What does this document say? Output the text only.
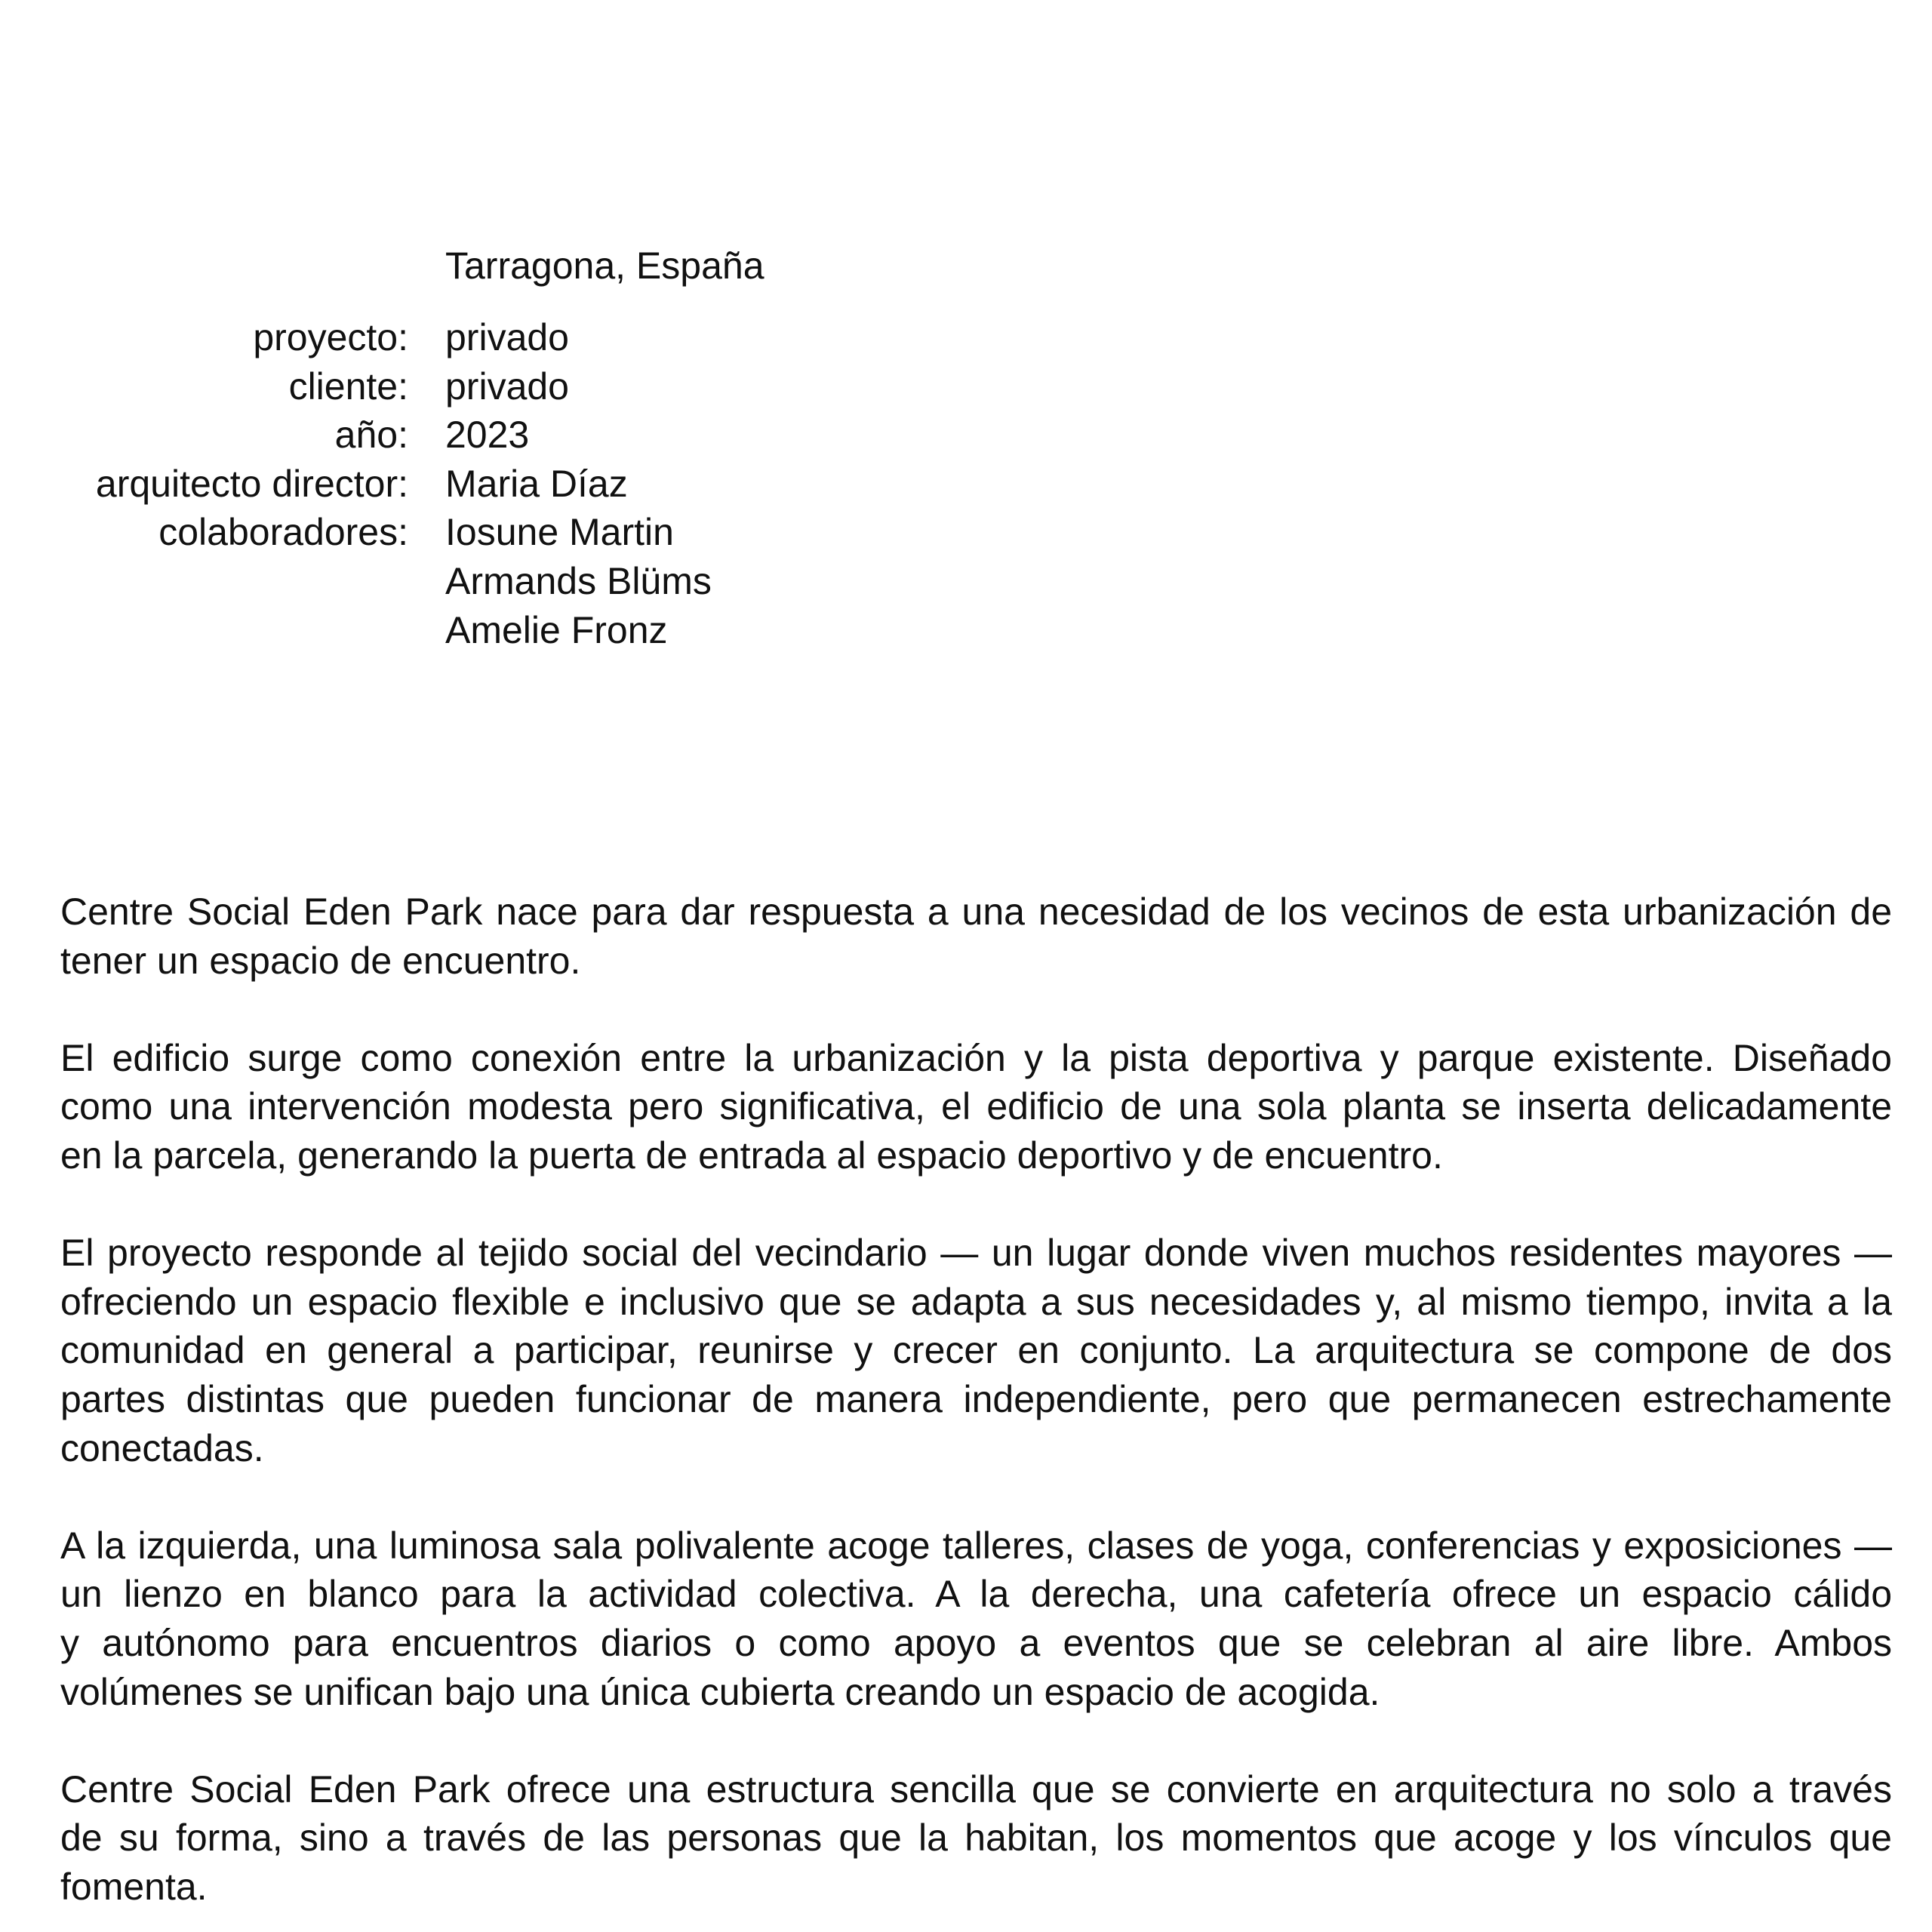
Tarragona, España
proyecto: privado
cliente: privado
año: 2023
arquitecto director: Maria Díaz
colaboradores: Iosune Martin
Armands Blüms
Amelie Fronz
Centre Social Eden Park nace para dar respuesta a una necesidad de los vecinos de esta urbanización de
tener un espacio de encuentro.
El edificio surge como conexión entre la urbanización y la pista deportiva y parque existente. Diseñado
como una intervención modesta pero significativa, el edificio de una sola planta se inserta delicadamente
en la parcela, generando la puerta de entrada al espacio deportivo y de encuentro.
El proyecto responde al tejido social del vecindario — un lugar donde viven muchos residentes mayores —
ofreciendo un espacio flexible e inclusivo que se adapta a sus necesidades y, al mismo tiempo, invita a la
comunidad en general a participar, reunirse y crecer en conjunto. La arquitectura se compone de dos
partes distintas que pueden funcionar de manera independiente, pero que permanecen estrechamente
conectadas.
A la izquierda, una luminosa sala polivalente acoge talleres, clases de yoga, conferencias y exposiciones —
un lienzo en blanco para la actividad colectiva. A la derecha, una cafetería ofrece un espacio cálido
y autónomo para encuentros diarios o como apoyo a eventos que se celebran al aire libre. Ambos
volúmenes se unifican bajo una única cubierta creando un espacio de acogida.
Centre Social Eden Park ofrece una estructura sencilla que se convierte en arquitectura no solo a través
de su forma, sino a través de las personas que la habitan, los momentos que acoge y los vínculos que
fomenta.
